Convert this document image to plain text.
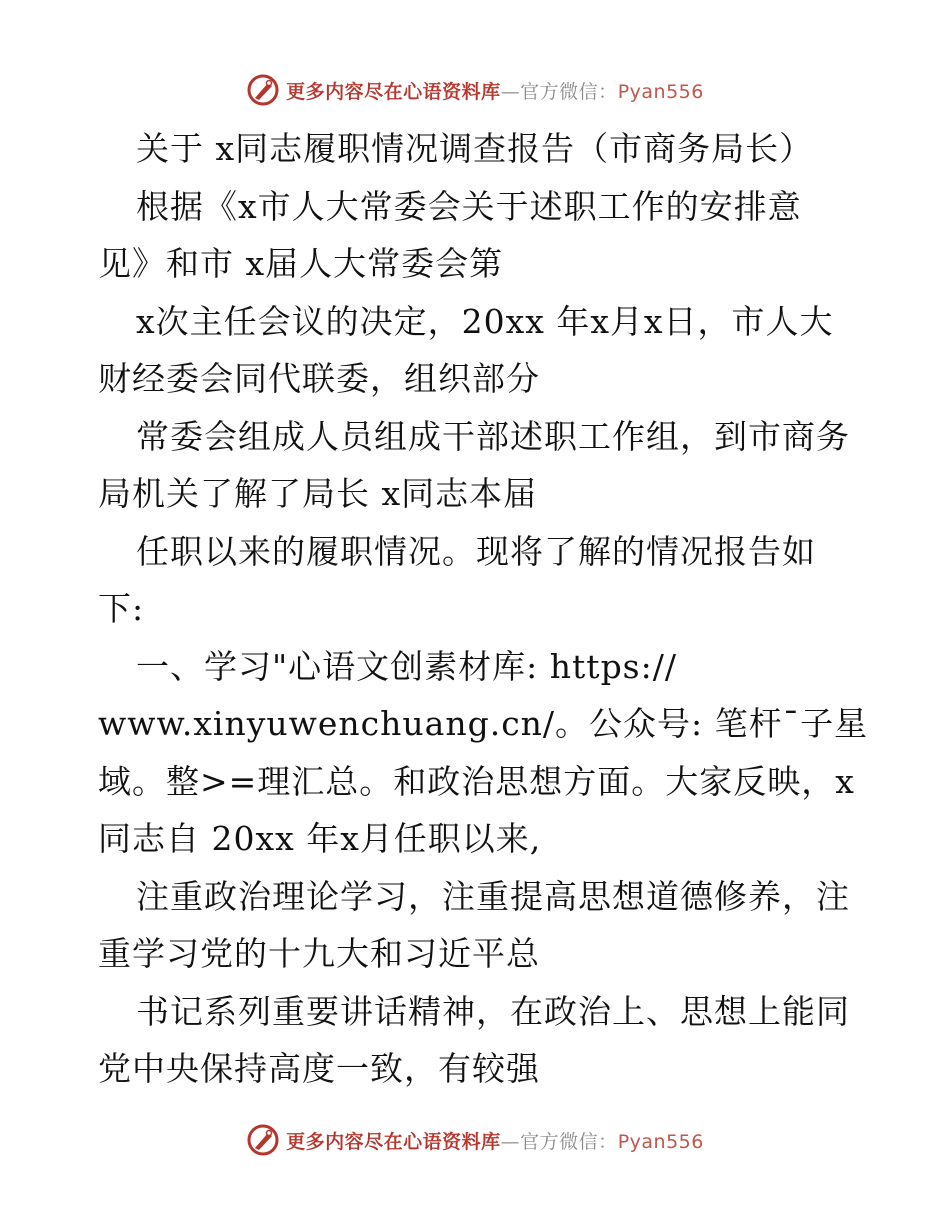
更多内容尽在心语资料库—官方微信：Pyan556
关于 x同志履职情况调查报告（市商务局长）
根据《x市人大常委会关于述职工作的安排意
见》和市 x届人大常委会第
x次主任会议的决定，20xx 年x月x日，市人大
财经委会同代联委，组织部分
常委会组成人员组成干部述职工作组，到市商务
局机关了解了局长 x同志本届
任职以来的履职情况。现将了解的情况报告如
下:
一、学习"心语文创素材库: https://
www.xinyuwenchuang.cn/。公众号: 笔杆¯子星
域。整>=理汇总。和政治思想方面。大家反映，x
同志自 20xx 年x月任职以来,
注重政治理论学习，注重提高思想道德修养，注
重学习党的十九大和习近平总
书记系列重要讲话精神，在政治上、思想上能同
党中央保持高度一致，有较强
更多内容尽在心语资料库—官方微信：Pyan556
